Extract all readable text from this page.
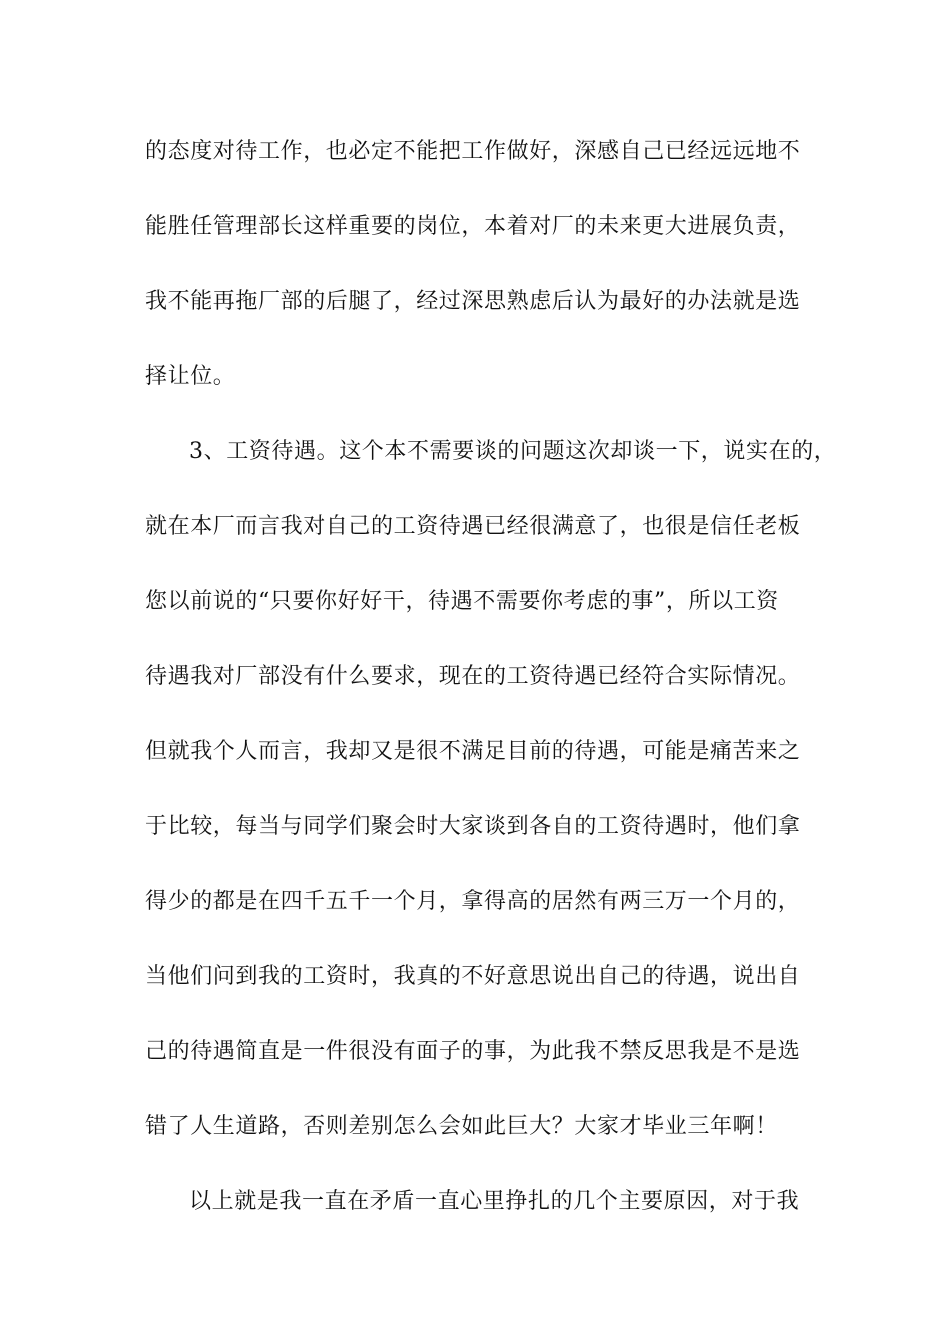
的态度对待工作，也必定不能把工作做好，深感自己已经远远地不
能胜任管理部长这样重要的岗位，本着对厂的未来更大进展负责，
我不能再拖厂部的后腿了，经过深思熟虑后认为最好的办法就是选
择让位。
3、工资待遇。这个本不需要谈的问题这次却谈一下，说实在的，
就在本厂而言我对自己的工资待遇已经很满意了，也很是信任老板
您以前说的“只要你好好干，待遇不需要你考虑的事”，所以工资
待遇我对厂部没有什么要求，现在的工资待遇已经符合实际情况。
但就我个人而言，我却又是很不满足目前的待遇，可能是痛苦来之
于比较，每当与同学们聚会时大家谈到各自的工资待遇时，他们拿
得少的都是在四千五千一个月，拿得高的居然有两三万一个月的，
当他们问到我的工资时，我真的不好意思说出自己的待遇，说出自
己的待遇简直是一件很没有面子的事，为此我不禁反思我是不是选
错了人生道路，否则差别怎么会如此巨大？大家才毕业三年啊！
以上就是我一直在矛盾一直心里挣扎的几个主要原因，对于我
